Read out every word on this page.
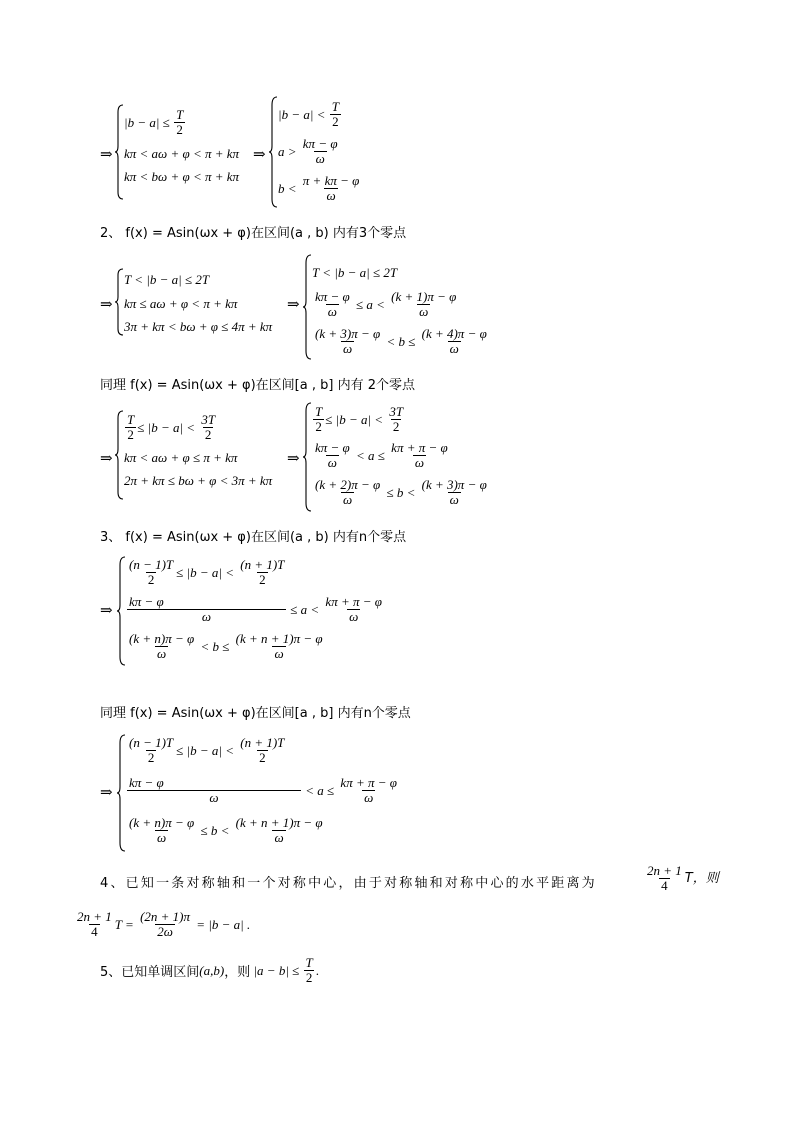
⇒
$|b - a| \le \frac{T}{2}$
kπ < aω + φ < π + kπ
kπ < bω + φ < π + kπ
⇒
$|b - a| < \frac{T}{2}$
$a > \frac{k\pi - \varphi}{\omega}$
$b < \frac{\pi + k\pi - \varphi}{\omega}$
2、 f(x) = Asin(ωx + φ)在区间(a , b) 内有3个零点
⇒
T < |b − a| ≤ 2T
kπ ≤ aω + φ < π + kπ
3π + kπ < bω + φ ≤ 4π + kπ
⇒
T < |b − a| ≤ 2T
$\frac{k\pi - \varphi}{\omega} \le a < \frac{(k + 1)\pi - \varphi}{\omega}$
$\frac{(k + 3)\pi - \varphi}{\omega} < b \le \frac{(k + 4)\pi - \varphi}{\omega}$
同理 f(x) = Asin(ωx + φ)在区间[a , b] 内有 2个零点
⇒
$\frac{T}{2} \le |b - a| < \frac{3T}{2}$
kπ < aω + φ ≤ π + kπ
2π + kπ ≤ bω + φ < 3π + kπ
⇒
$\frac{T}{2} \le |b - a| < \frac{3T}{2}$
$\frac{k\pi - \varphi}{\omega} < a \le \frac{k\pi + \pi - \varphi}{\omega}$
$\frac{(k + 2)\pi - \varphi}{\omega} \le b < \frac{(k + 3)\pi - \varphi}{\omega}$
3、 f(x) = Asin(ωx + φ)在区间(a , b) 内有n个零点
⇒
$\frac{(n - 1)T}{2} \le |b - a| < \frac{(n + 1)T}{2}$
$\frac{k\pi - \varphi}{\omega} \le a < \frac{k\pi + \pi - \varphi}{\omega}$
$\frac{(k + n)\pi - \varphi}{\omega} < b \le \frac{(k + n + 1)\pi - \varphi}{\omega}$
同理 f(x) = Asin(ωx + φ)在区间[a , b] 内有n个零点
⇒
$\frac{(n - 1)T}{2} \le |b - a| < \frac{(n + 1)T}{2}$
$\frac{k\pi - \varphi}{\omega} < a \le \frac{k\pi + \pi - \varphi}{\omega}$
$\frac{(k + n)\pi - \varphi}{\omega} \le b < \frac{(k + n + 1)\pi - \varphi}{\omega}$
4、已知一条对称轴和一个对称中心，由于对称轴和对称中心的水平距离为	$\frac{2n + 1}{4}$ T，则
$\frac{2n + 1}{4}$ $T = \frac{(2n + 1)\pi}{2\omega} = |b - a|$ .
5、已知单调区间 (a,b) ，则 $|a - b| \le \frac{T}{2}$ .
